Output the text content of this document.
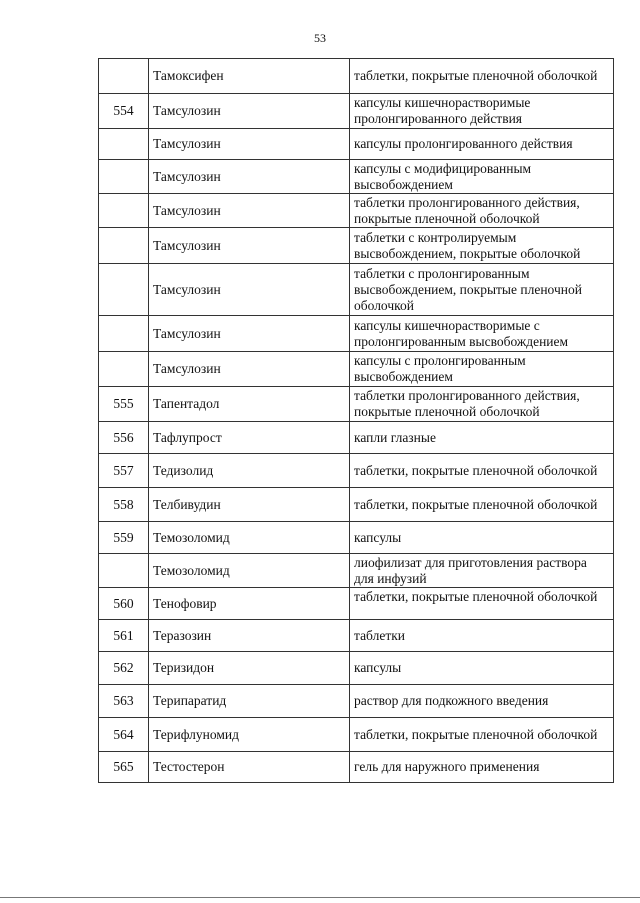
53
	Тамоксифен	таблетки, покрытые пленочной оболочкой
554	Тамсулозин	капсулы кишечнорастворимые пролонгированного действия
	Тамсулозин	капсулы пролонгированного действия
	Тамсулозин	капсулы с модифицированным высвобождением
	Тамсулозин	таблетки пролонгированного действия, покрытые пленочной оболочкой
	Тамсулозин	таблетки с контролируемым высвобождением, покрытые оболочкой
	Тамсулозин	таблетки с пролонгированным высвобождением, покрытые пленочной оболочкой
	Тамсулозин	капсулы кишечнорастворимые с пролонгированным высвобождением
	Тамсулозин	капсулы с пролонгированным высвобождением
555	Тапентадол	таблетки пролонгированного действия, покрытые пленочной оболочкой
556	Тафлупрост	капли глазные
557	Тедизолид	таблетки, покрытые пленочной оболочкой
558	Телбивудин	таблетки, покрытые пленочной оболочкой
559	Темозоломид	капсулы
	Темозоломид	лиофилизат для приготовления раствора для инфузий
560	Тенофовир	таблетки, покрытые пленочной оболочкой
561	Теразозин	таблетки
562	Теризидон	капсулы
563	Терипаратид	раствор для подкожного введения
564	Терифлуномид	таблетки, покрытые пленочной оболочкой
565	Тестостерон	гель для наружного применения
